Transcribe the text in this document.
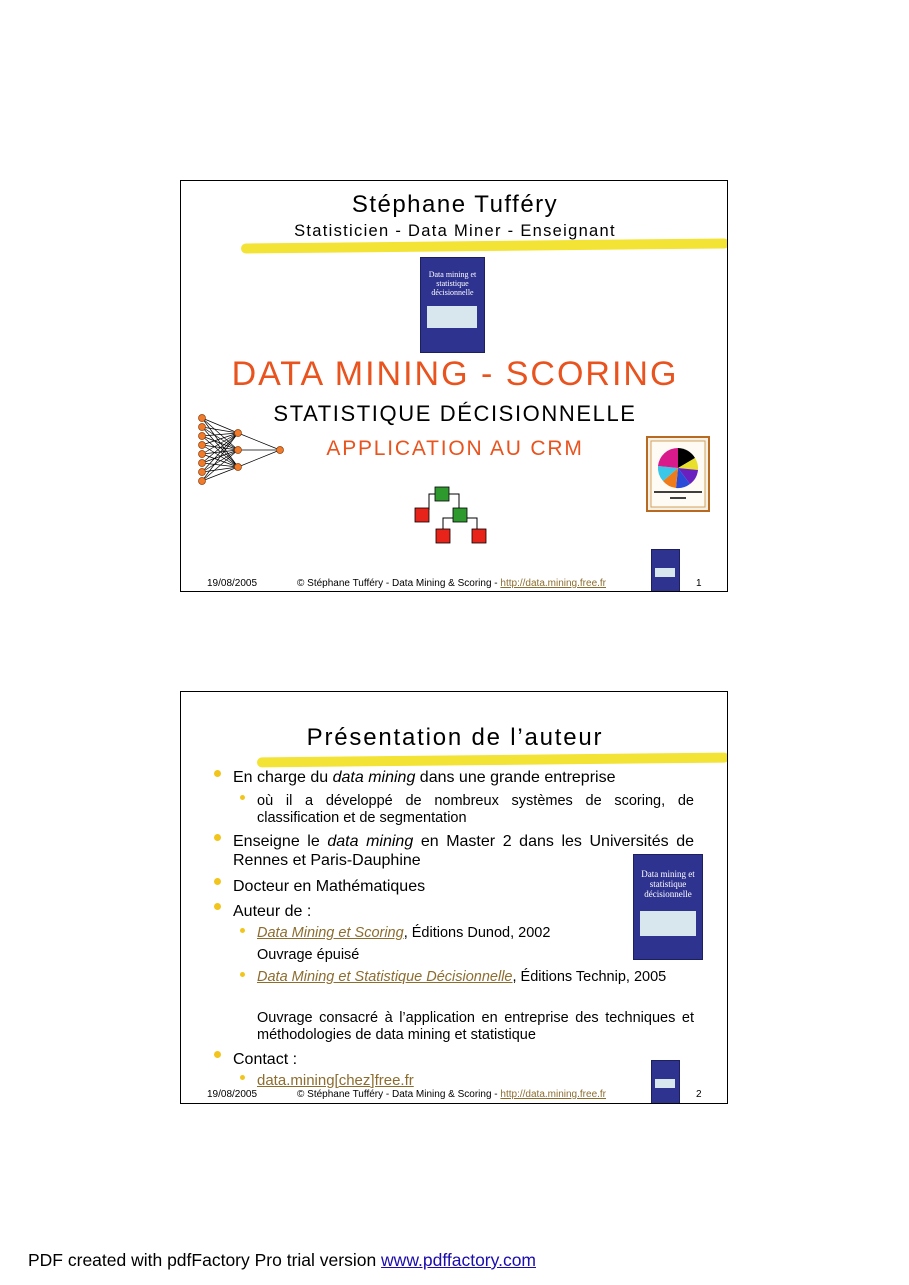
Stéphane Tufféry
Statisticien - Data Miner - Enseignant
Data mining et statistique décisionnelle
DATA MINING - SCORING
STATISTIQUE DÉCISIONNELLE
APPLICATION AU CRM
19/08/2005	© Stéphane Tufféry - Data Mining & Scoring - http://data.mining.free.fr	1
Présentation de l’auteur
En charge du data mining dans une grande entreprise
où il a développé de nombreux systèmes de scoring, de classification et de segmentation
Enseigne le data mining en Master 2 dans les Universités de Rennes et Paris-Dauphine
Docteur en Mathématiques
Auteur de :
Data mining et statistique décisionnelle
Data Mining et Scoring, Éditions Dunod, 2002
Ouvrage épuisé
Data Mining et Statistique Décisionnelle, Éditions Technip, 2005
Ouvrage consacré à l’application en entreprise des techniques et méthodologies de data mining et statistique
Contact :
data.mining[chez]free.fr
19/08/2005	© Stéphane Tufféry - Data Mining & Scoring - http://data.mining.free.fr	2
PDF created with pdfFactory Pro trial version www.pdffactory.com
